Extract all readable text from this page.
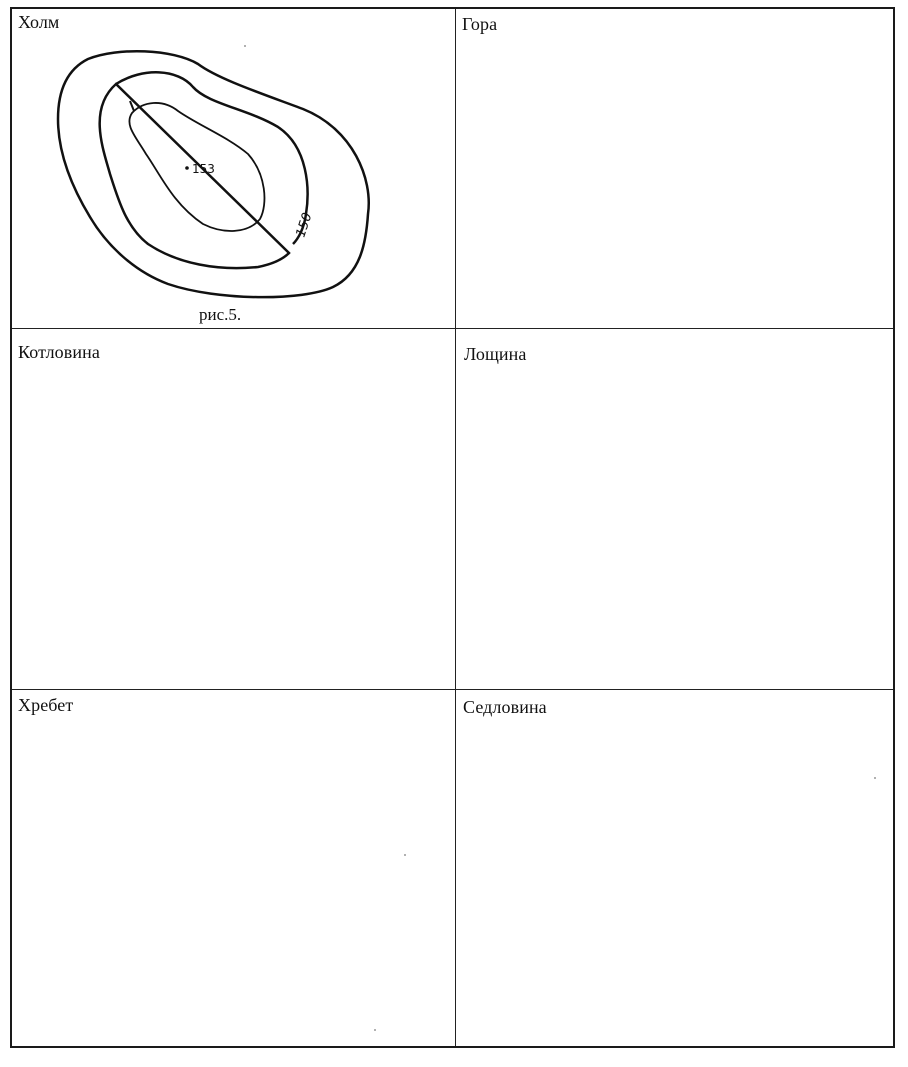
Холм	Гора
153
150
рис.5.
Котловина	Лощина
Хребет	Седловина
